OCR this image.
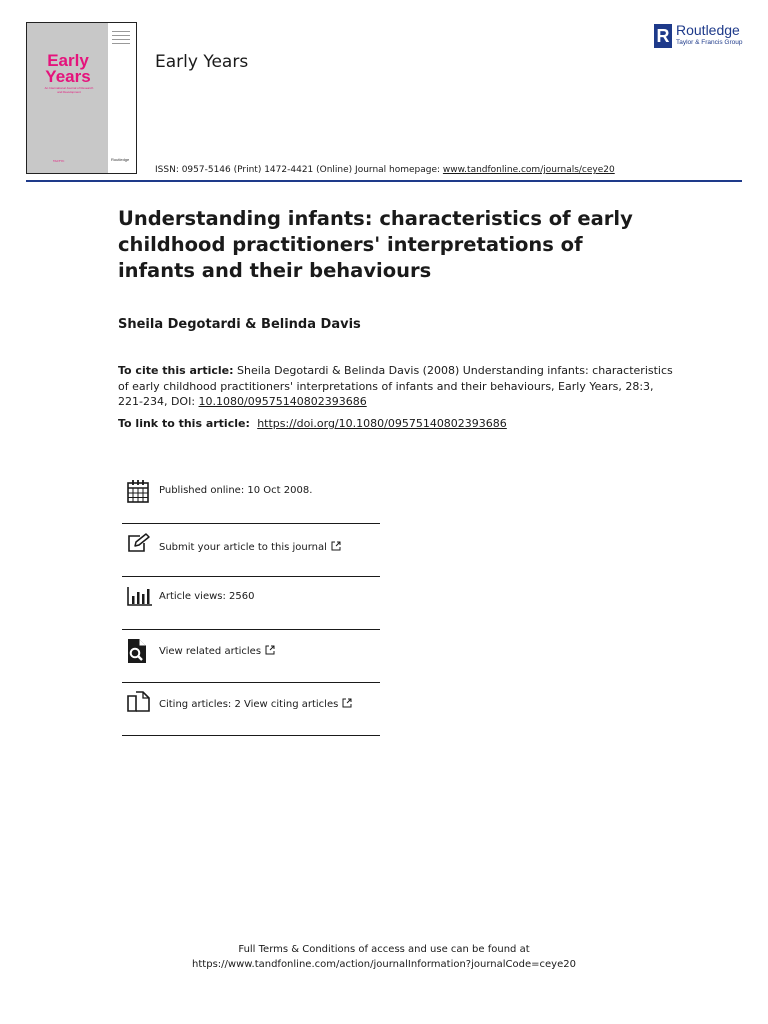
Early
Years
An International Journal of Research and Development
TACTYC	Routledge
Early Years
R Routledge
Taylor & Francis Group
ISSN: 0957-5146 (Print) 1472-4421 (Online) Journal homepage: www.tandfonline.com/journals/ceye20
Understanding infants: characteristics of early childhood practitioners' interpretations of infants and their behaviours
Sheila Degotardi & Belinda Davis
To cite this article: Sheila Degotardi & Belinda Davis (2008) Understanding infants: characteristics of early childhood practitioners' interpretations of infants and their behaviours, Early Years, 28:3, 221-234, DOI: 10.1080/09575140802393686
To link to this article:  https://doi.org/10.1080/09575140802393686
Published online: 10 Oct 2008.
Submit your article to this journal
Article views: 2560
View related articles
Citing articles: 2 View citing articles
Full Terms & Conditions of access and use can be found at
https://www.tandfonline.com/action/journalInformation?journalCode=ceye20
